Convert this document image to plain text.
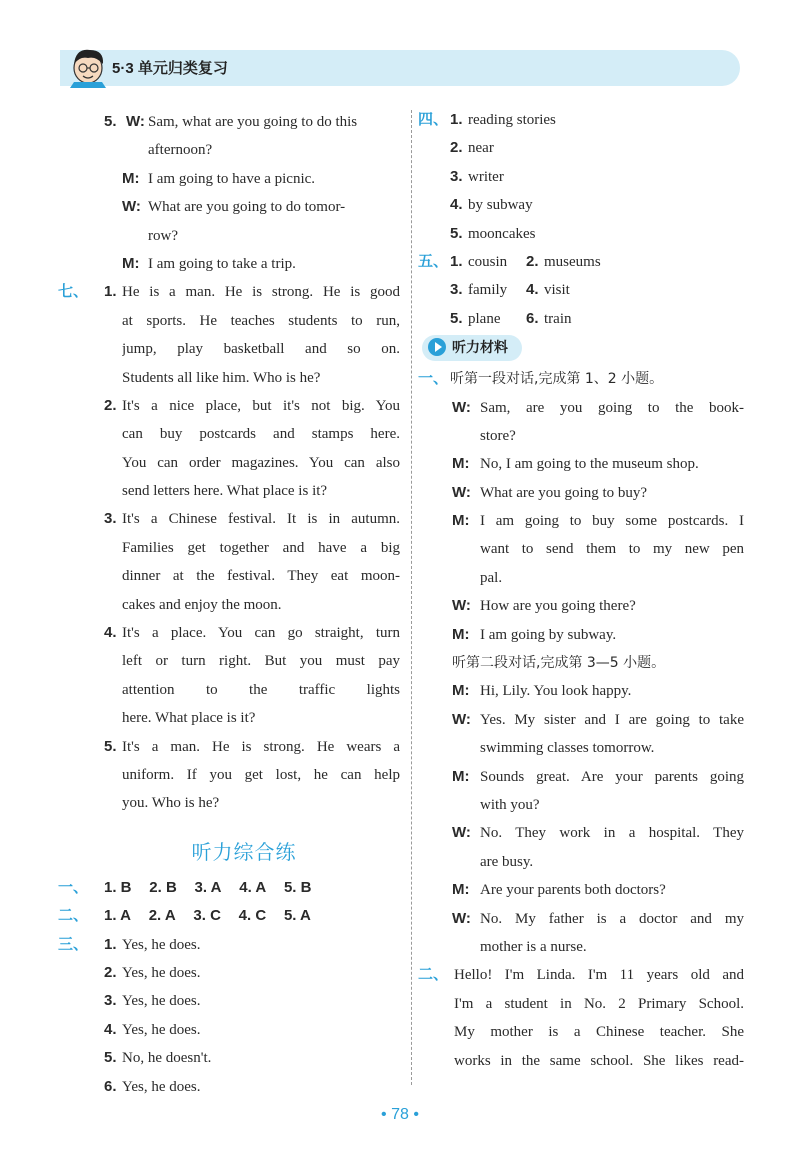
5·3 单元归类复习
5. W: Sam, what are you going to do this
afternoon?
M: I am going to have a picnic.
W: What are you going to do tomor-
row?
M: I am going to take a trip.
七、 1. He is a man. He is strong. He is good
at sports. He teaches students to run,
jump, play basketball and so on.
Students all like him. Who is he?
2. It's a nice place, but it's not big. You
can buy postcards and stamps here.
You can order magazines. You can also
send letters here. What place is it?
3. It's a Chinese festival. It is in autumn.
Families get together and have a big
dinner at the festival. They eat moon-
cakes and enjoy the moon.
4. It's a place. You can go straight, turn
left or turn right. But you must pay
attention to the traffic lights
here. What place is it?
5. It's a man. He is strong. He wears a
uniform. If you get lost, he can help
you. Who is he?
听力综合练
一、 1. B 2. B 3. A 4. A 5. B
二、 1. A 2. A 3. C 4. C 5. A
三、 1. Yes, he does.
2. Yes, he does.
3. Yes, he does.
4. Yes, he does.
5. No, he doesn't.
6. Yes, he does.
四、 1. reading stories
2. near
3. writer
4. by subway
5. mooncakes
五、 1. cousin 2. museums
3. family 4. visit
5. plane 6. train
听力材料
一、 听第一段对话,完成第 1、2 小题。
W: Sam, are you going to the book-
store?
M: No, I am going to the museum shop.
W: What are you going to buy?
M: I am going to buy some postcards. I
want to send them to my new pen
pal.
W: How are you going there?
M: I am going by subway.
听第二段对话,完成第 3—5 小题。
M: Hi, Lily. You look happy.
W: Yes. My sister and I are going to take
swimming classes tomorrow.
M: Sounds great. Are your parents going
with you?
W: No. They work in a hospital. They
are busy.
M: Are your parents both doctors?
W: No. My father is a doctor and my
mother is a nurse.
二、 Hello! I'm Linda. I'm 11 years old and
I'm a student in No. 2 Primary School.
My mother is a Chinese teacher. She
works in the same school. She likes read-
• 78 •
